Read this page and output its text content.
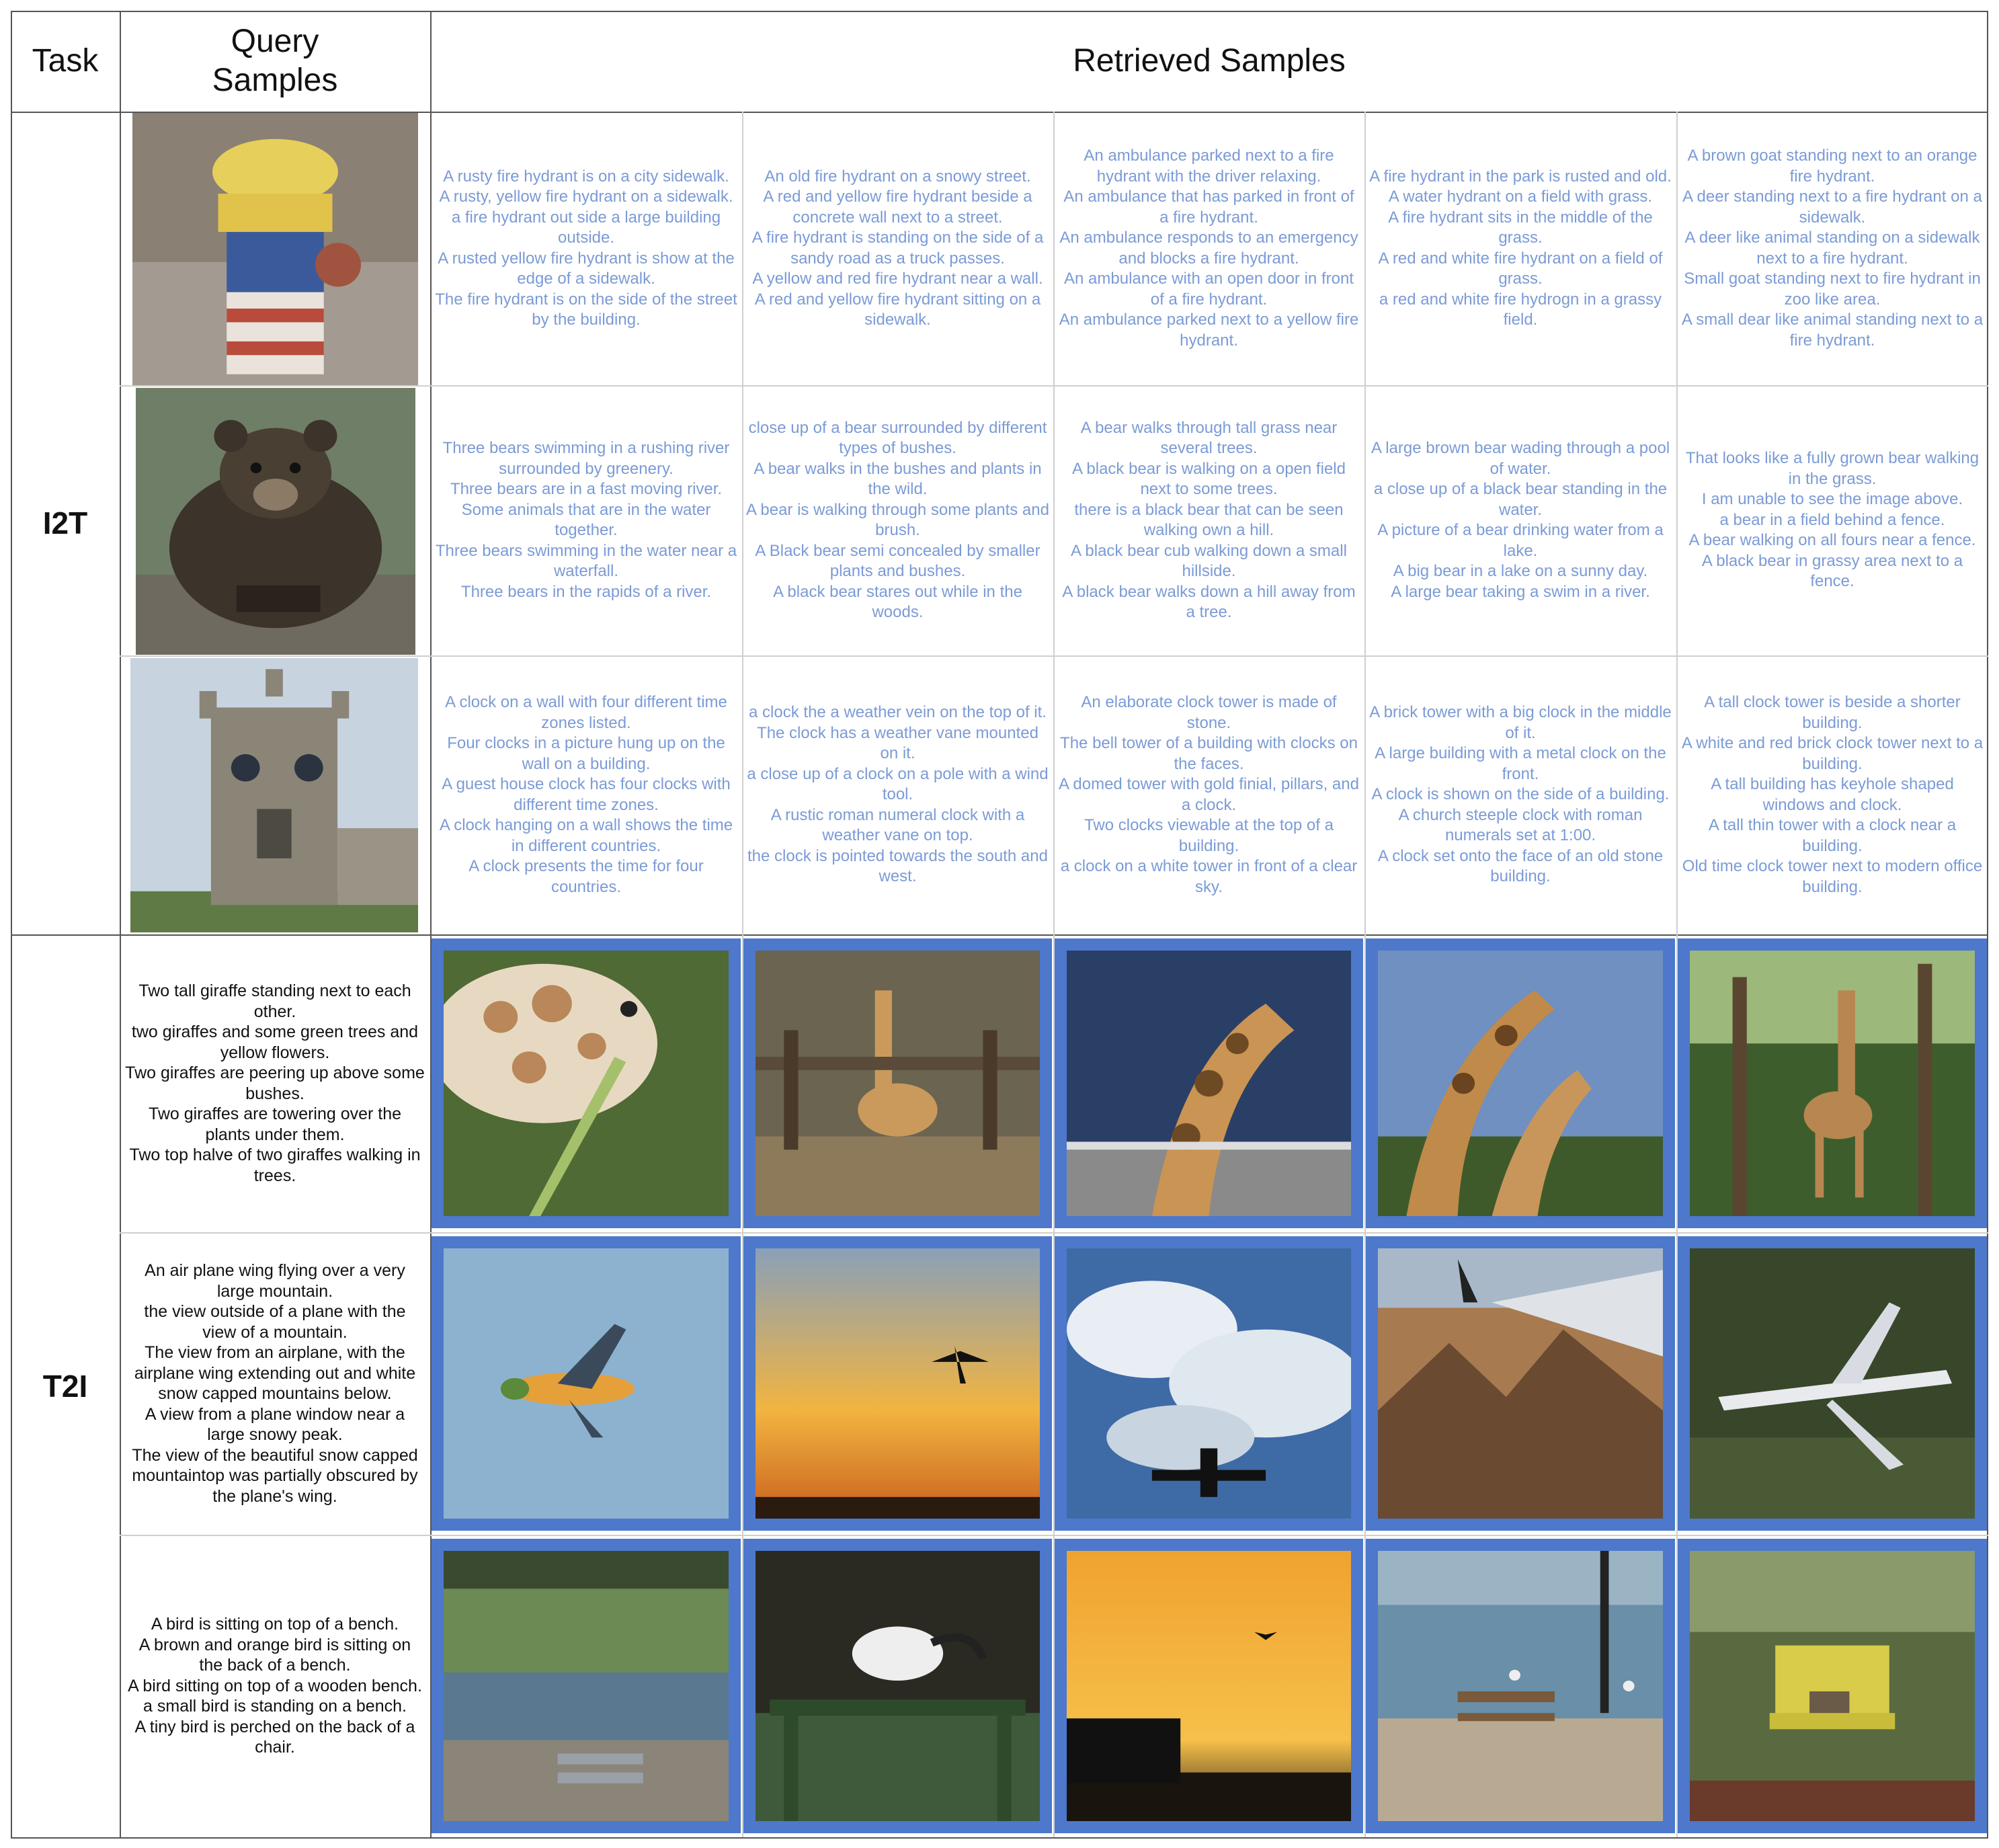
Task
Query
Samples
Retrieved Samples
I2T
T2I
A rusty fire hydrant is on a city sidewalk.
A rusty, yellow fire hydrant on a sidewalk.
a fire hydrant out side a large building outside.
A rusted yellow fire hydrant is show at the edge of a sidewalk.
The fire hydrant is on the side of the street by the building.
An old fire hydrant on a snowy street.
A red and yellow fire hydrant beside a concrete wall next to a street.
A fire hydrant is standing on the side of a sandy road as a truck passes.
A yellow and red fire hydrant near a wall.
A red and yellow fire hydrant sitting on a sidewalk.
An ambulance parked next to a fire hydrant with the driver relaxing.
An ambulance that has parked in front of a fire hydrant.
An ambulance responds to an emergency and blocks a fire hydrant.
An ambulance with an open door in front of a fire hydrant.
An ambulance parked next to a yellow fire hydrant.
A fire hydrant in the park is rusted and old.
A water hydrant on a field with grass.
A fire hydrant sits in the middle of the grass.
A red and white fire hydrant on a field of grass.
a red and white fire hydrogn in a grassy field.
A brown goat standing next to an orange fire hydrant.
A deer standing next to a fire hydrant on a sidewalk.
A deer like animal standing on a sidewalk next to a fire hydrant.
Small goat standing next to fire hydrant in zoo like area.
A small dear like animal standing next to a fire hydrant.
Three bears swimming in a rushing river surrounded by greenery.
Three bears are in a fast moving river.
Some animals that are in the water together.
Three bears swimming in the water near a waterfall.
Three bears in the rapids of a river.
close up of a bear surrounded by different types of bushes.
A bear walks in the bushes and plants in the wild.
A bear is walking through some plants and brush.
A Black bear semi concealed by smaller plants and bushes.
A black bear stares out while in the woods.
A bear walks through tall grass near several trees.
A black bear is walking on a open field next to some trees.
there is a black bear that can be seen walking own a hill.
A black bear cub walking down a small hillside.
A black bear walks down a hill away from a tree.
A large brown bear wading through a pool of water.
a close up of a black bear standing in the water.
A picture of a bear drinking water from a lake.
A big bear in a lake on a sunny day.
A large bear taking a swim in a river.
That looks like a fully grown bear walking in the grass.
I am unable to see the image above.
a bear in a field behind a fence.
A bear walking on all fours near a fence.
A black bear in grassy area next to a fence.
A clock on a wall with four different time zones listed.
Four clocks in a picture hung up on the wall on a building.
A guest house clock has four clocks with different time zones.
A clock hanging on a wall shows the time in different countries.
A clock presents the time for four countries.
a clock the a weather vein on the top of it.
The clock has a weather vane mounted on it.
a close up of a clock on a pole with a wind tool.
A rustic roman numeral clock with a weather vane on top.
the clock is pointed towards the south and west.
An elaborate clock tower is made of stone.
The bell tower of a building with clocks on the faces.
A domed tower with gold finial, pillars, and a clock.
Two clocks viewable at the top of a building.
a clock on a white tower in front of a clear sky.
A brick tower with a big clock in the middle of it.
A large building with a metal clock on the front.
A clock is shown on the side of a building.
A church steeple clock with roman numerals set at 1:00.
A clock set onto the face of an old stone building.
A tall clock tower is beside a shorter building.
A white and red brick clock tower next to a building.
A tall building has keyhole shaped windows and clock.
A tall thin tower with a clock near a building.
Old time clock tower next to modern office building.
Two tall giraffe standing next to each other.
two giraffes and some green trees and yellow flowers.
Two giraffes are peering up above some bushes.
Two giraffes are towering over the plants under them.
Two top halve of two giraffes walking in trees.
An air plane wing flying over a very large mountain.
the view outside of a plane with the view of a mountain.
The view from an airplane, with the airplane wing extending out and white snow capped mountains below.
A view from a plane window near a large snowy peak.
The view of the beautiful snow capped mountaintop was partially obscured by the plane's wing.
A bird is sitting on top of a bench.
A brown and orange bird is sitting on the back of a bench.
A bird sitting on top of a wooden bench.
a small bird is standing on a bench.
A tiny bird is perched on the back of a chair.
